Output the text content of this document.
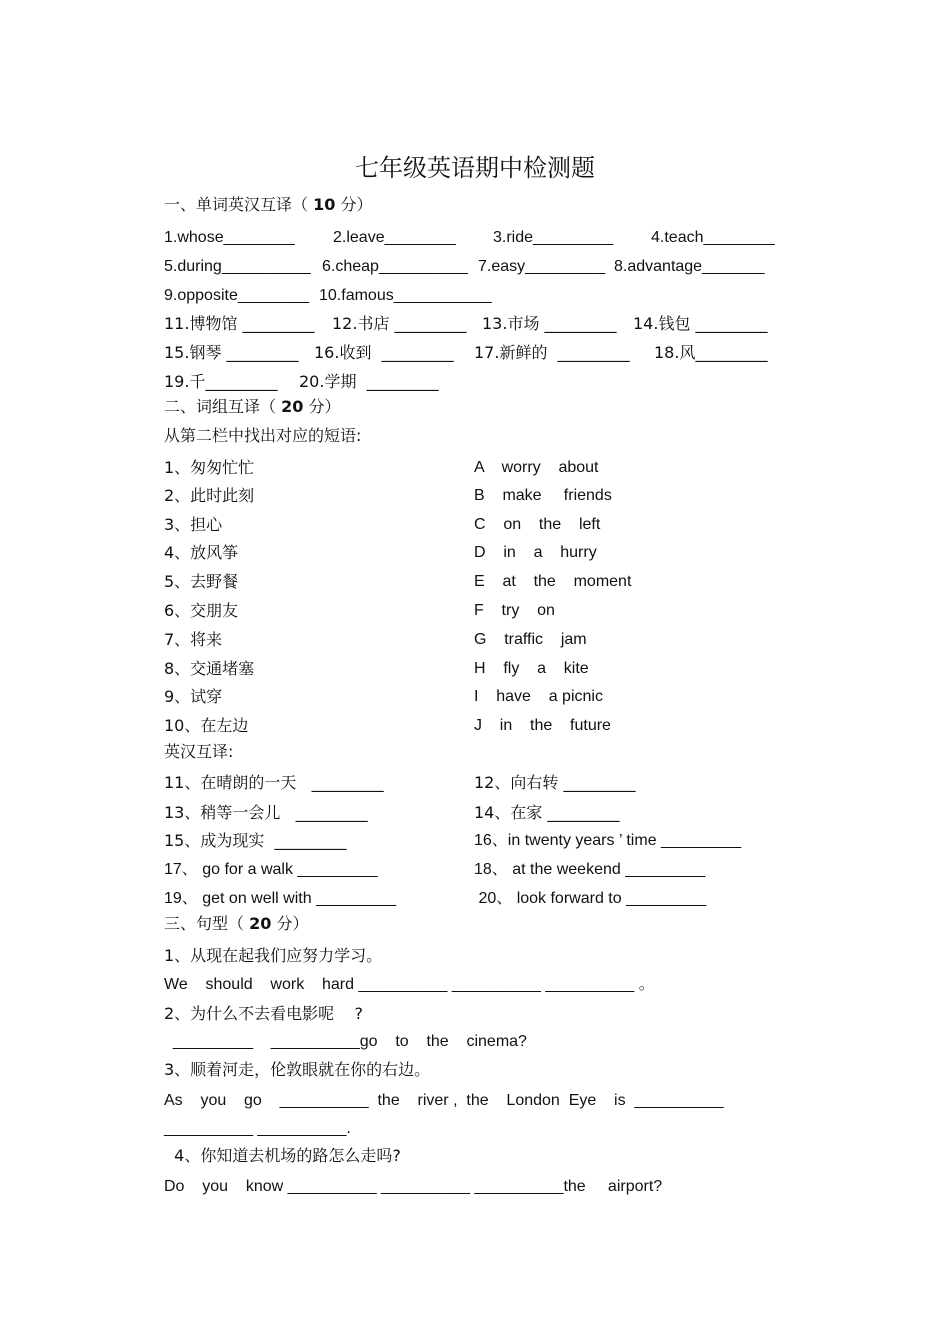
七年级英语期中检测题
一、单词英汉互译（ 10 分）
1.whose________ 2.leave________ 3.ride_________ 4.teach________
5.during__________ 6.cheap__________ 7.easy_________ 8.advantage_______
9.opposite________ 10.famous___________
11.博物馆 _________ 12.书店 _________ 13.市场 _________ 14.钱包 _________
15.钢琴 _________ 16.收到  _________ 17.新鲜的  _________ 18.风_________
19.千_________ 20.学期  _________
二、词组互译（ 20 分）
从第二栏中找出对应的短语:
1、匆匆忙忙	A    worry    about
2、此时此刻	B    make     friends
3、担心	C    on    the    left
4、放风筝	D    in    a    hurry
5、去野餐	E    at    the    moment
6、交朋友	F    try    on
7、将来	G    traffic    jam
8、交通堵塞	H    fly    a    kite
9、试穿	I    have    a picnic
10、在左边	J    in    the    future
英汉互译:
11、在晴朗的一天   _________	12、向右转 _________
13、稍等一会儿   _________	14、在家 _________
15、成为现实  _________	16、in twenty years ’ time _________
17、 go for a walk _________	18、 at the weekend _________
19、 get on well with _________	20、 look forward to _________
三、句型（ 20 分）
1、从现在起我们应努力学习。
We    should    work    hard __________ __________ __________ 。
2、为什么不去看电影呢    ?
_________    __________go    to    the    cinema?
3、顺着河走，伦敦眼就在你的右边。
As    you    go    __________  the    river ,  the    London  Eye    is  __________
__________ __________.
4、你知道去机场的路怎么走吗?
Do    you    know __________ __________ __________the     airport?
